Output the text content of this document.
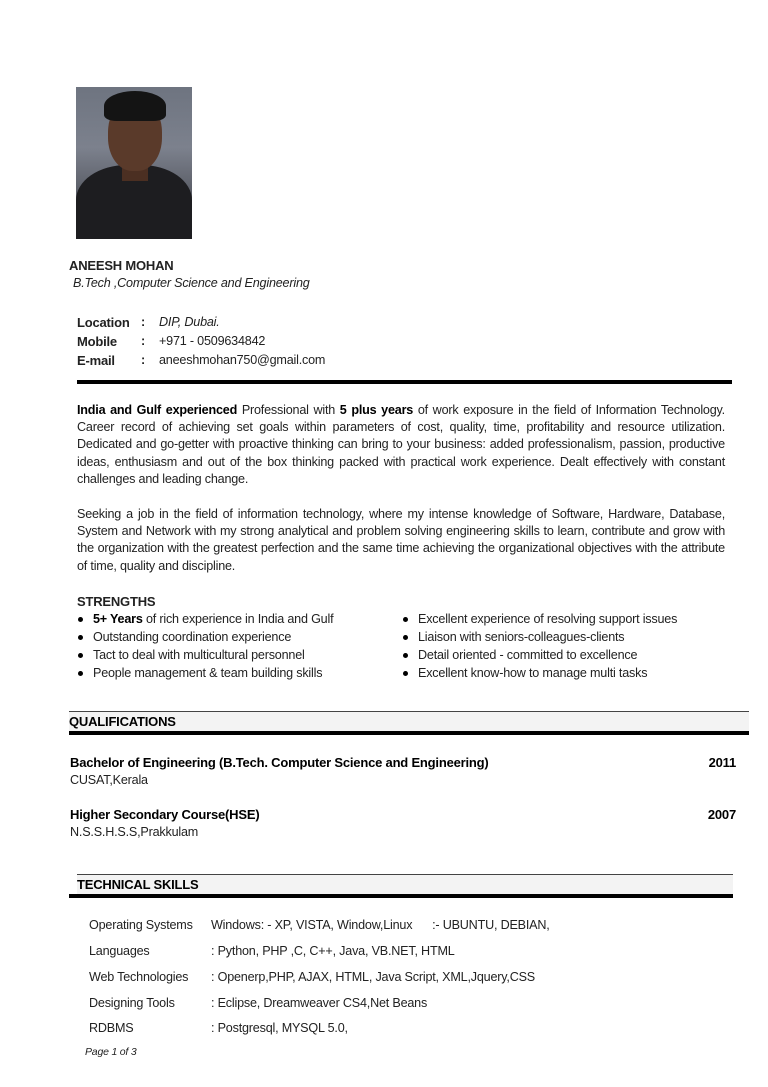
ANEESH MOHAN
B.Tech ,Computer Science and Engineering
Location : DIP, Dubai.
Mobile : +971 - 0509634842
E-mail : aneeshmohan750@gmail.com
India and Gulf experienced Professional with 5 plus years of work exposure in the field of Information Technology. Career record of achieving set goals within parameters of cost, quality, time, profitability and resource utilization. Dedicated and go-getter with proactive thinking can bring to your business: added professionalism, passion, productive ideas, enthusiasm and out of the box thinking packed with practical work experience. Dealt effectively with constant challenges and leading change.
Seeking a job in the field of information technology, where my intense knowledge of Software, Hardware, Database, System and Network with my strong analytical and problem solving engineering skills to learn, contribute and grow with the organization with the greatest perfection and the same time achieving the organizational objectives with the attribute of time, quality and discipline.
STRENGTHS
5+ Years of rich experience in India and Gulf
Outstanding coordination experience
Tact to deal with multicultural personnel
People management & team building skills
Excellent experience of resolving support issues
Liaison with seniors-colleagues-clients
Detail oriented - committed to excellence
Excellent know-how to manage multi tasks
QUALIFICATIONS
Bachelor of Engineering (B.Tech. Computer Science and Engineering)	2011
CUSAT,Kerala
Higher Secondary Course(HSE)	2007
N.S.S.H.S.S,Prakkulam
TECHNICAL SKILLS
Operating Systems Windows: - XP, VISTA, Window,Linux      :- UBUNTU, DEBIAN,
Languages	: Python, PHP ,C, C++, Java, VB.NET, HTML
Web Technologies : Openerp,PHP, AJAX, HTML, Java Script, XML,Jquery,CSS
Designing Tools	: Eclipse, Dreamweaver CS4,Net Beans
RDBMS	: Postgresql, MYSQL 5.0,
Page 1 of 3
